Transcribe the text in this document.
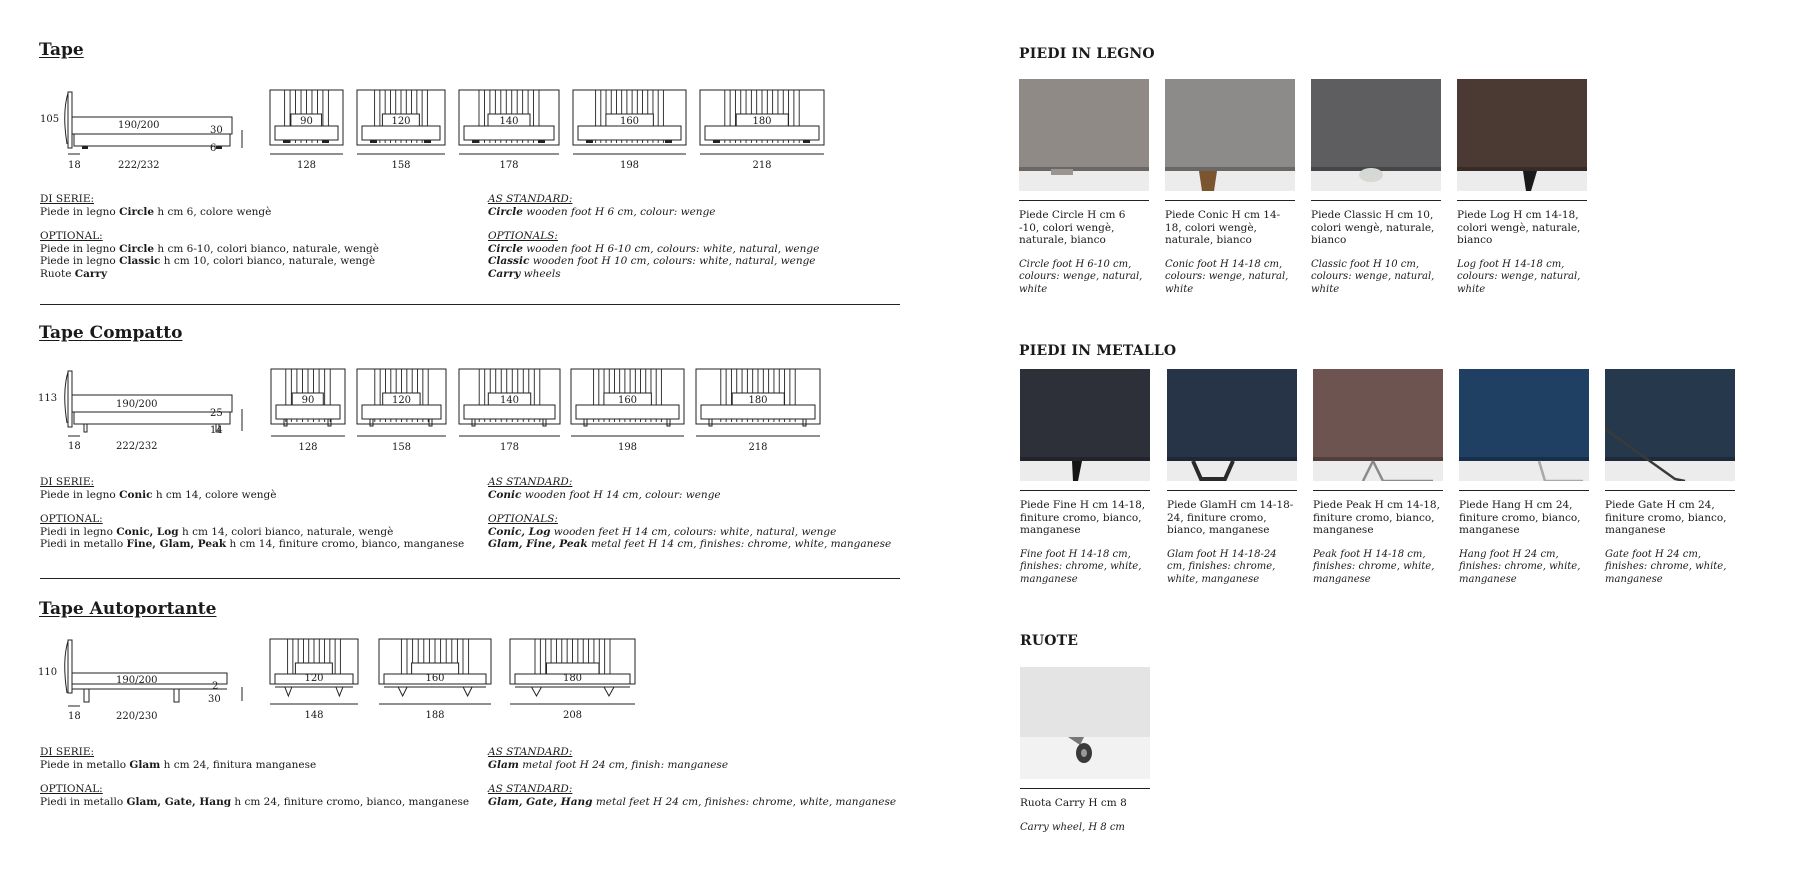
Tape
105
190/200
18	222/232
30
6
90
128
120
158
140
178
160
198
180
218
DI SERIE:
Piede in legno Circle h cm 6, colore wengè
OPTIONAL:
Piede in legno Circle h cm 6-10, colori bianco, naturale, wengè
Piede in legno Classic h cm 10, colori bianco, naturale, wengè
Ruote Carry
AS STANDARD:
Circle wooden foot H 6 cm, colour: wenge
OPTIONALS:
Circle wooden foot H 6-10 cm, colours: white, natural, wenge
Classic wooden foot H 10 cm, colours: white, natural, wenge
Carry wheels
Tape Compatto
113
190/200
18	222/232
25
14
90
128
120
158
140
178
160
198
180
218
DI SERIE:
Piede in legno Conic h cm 14, colore wengè
OPTIONAL:
Piedi in legno Conic, Log h cm 14, colori bianco, naturale, wengè
Piedi in metallo Fine, Glam, Peak h cm 14, finiture cromo, bianco, manganese
AS STANDARD:
Conic wooden foot H 14 cm, colour: wenge
OPTIONALS:
Conic, Log wooden feet H 14 cm, colours: white, natural, wenge
Glam, Fine, Peak metal feet H 14 cm, finishes: chrome, white, manganese
Tape Autoportante
110
190/200
18	220/230
2
30
120
148
160
188
180
208
DI SERIE:
Piede in metallo Glam h cm 24, finitura manganese
OPTIONAL:
Piedi in metallo Glam, Gate, Hang h cm 24, finiture cromo, bianco, manganese
AS STANDARD:
Glam metal foot H 24 cm, finish: manganese
AS STANDARD:
Glam, Gate, Hang metal feet H 24 cm, finishes: chrome, white, manganese
PIEDI IN LEGNO
Piede Circle H cm 6 -10, colori wengè, naturale, bianco
Circle foot H 6-10 cm, colours: wenge, natural, white
Piede Conic H cm 14-18, colori wengè, naturale, bianco
Conic foot H 14-18 cm, colours: wenge, natural, white
Piede Classic H cm 10, colori wengè, naturale, bianco
Classic foot H 10 cm, colours: wenge, natural, white
Piede Log H cm 14-18, colori wengè, naturale, bianco
Log foot H 14-18 cm, colours: wenge, natural, white
PIEDI IN METALLO
Piede Fine H cm 14-18, finiture cromo, bianco, manganese
Fine foot H 14-18 cm, finishes: chrome, white, manganese
Piede GlamH cm 14-18-24, finiture cromo, bianco, manganese
Glam foot H 14-18-24 cm, finishes: chrome, white, manganese
Piede Peak H cm 14-18, finiture cromo, bianco, manganese
Peak foot H 14-18 cm, finishes: chrome, white, manganese
Piede Hang H cm 24, finiture cromo, bianco, manganese
Hang foot H 24 cm, finishes: chrome, white, manganese
Piede Gate H cm 24, finiture cromo, bianco, manganese
Gate foot H 24 cm, finishes: chrome, white, manganese
RUOTE
Ruota Carry H cm 8
Carry wheel, H 8 cm
